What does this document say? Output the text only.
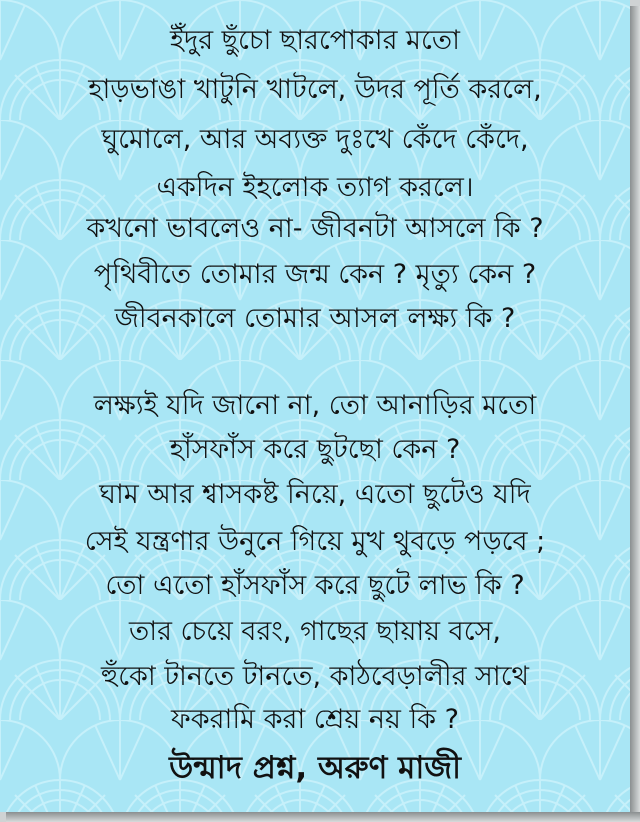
ইঁদুর ছুঁচো ছারপোকার মতো
হাড়ভাঙা খাটুনি খাটলে, উদর পূর্তি করলে,
ঘুমোলে, আর অব্যক্ত দুঃখে কেঁদে কেঁদে,
একদিন ইহলোক ত্যাগ করলে।
কখনো ভাবলেও না- জীবনটা আসলে কি ?
পৃথিবীতে তোমার জন্ম কেন ? মৃত্যু কেন ?
জীবনকালে তোমার আসল লক্ষ্য কি ?
লক্ষ্যই যদি জানো না, তো আনাড়ির মতো
হাঁসফাঁস করে ছুটছো কেন ?
ঘাম আর শ্বাসকষ্ট নিয়ে, এতো ছুটেও যদি
সেই যন্ত্রণার উনুনে গিয়ে মুখ থুবড়ে পড়বে ;
তো এতো হাঁসফাঁস করে ছুটে লাভ কি ?
তার চেয়ে বরং, গাছের ছায়ায় বসে,
হুঁকো টানতে টানতে, কাঠবেড়ালীর সাথে
ফকরামি করা শ্রেয় নয় কি ?
উন্মাদ প্রশ্ন, অরুণ মাজী
